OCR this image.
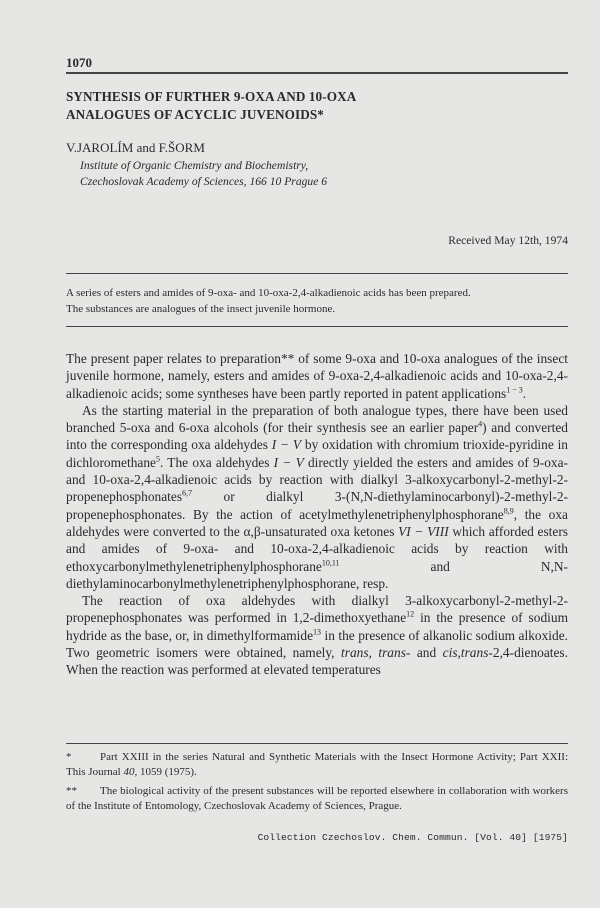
1070
SYNTHESIS OF FURTHER 9-OXA AND 10-OXA
ANALOGUES OF ACYCLIC JUVENOIDS*
V.JAROLÍM and F.ŠORM
Institute of Organic Chemistry and Biochemistry,
Czechoslovak Academy of Sciences, 166 10 Prague 6
Received May 12th, 1974
A series of esters and amides of 9-oxa- and 10-oxa-2,4-alkadienoic acids has been prepared.
The substances are analogues of the insect juvenile hormone.

The present paper relates to preparation** of some 9-oxa and 10-oxa analogues of the insect juvenile hormone, namely, esters and amides of 9-oxa-2,4-alkadienoic acids and 10-oxa-2,4-alkadienoic acids; some syntheses have been partly reported in patent applications$^{1 - 3}$.

As the starting material in the preparation of both analogue types, there have been used branched 5-oxa and 6-oxa alcohols (for their synthesis see an earlier paper$^4$) and converted into the corresponding oxa aldehydes I − V by oxidation with chromium trioxide-pyridine in dichloromethane$^5$. The oxa aldehydes I − V directly yielded the esters and amides of 9-oxa- and 10-oxa-2,4-alkadienoic acids by reaction with dialkyl 3-alkoxycarbonyl-2-methyl-2-propenephosphonates$^{6,7}$ or dialkyl 3-(N,N-diethylaminocarbonyl)-2-methyl-2-propenephosphonates. By the action of acetylmethylenetriphenylphosphorane$^{8,9}$, the oxa aldehydes were converted to the α,β-unsaturated oxa ketones VI − VIII which afforded esters and amides of 9-oxa- and 10-oxa-2,4-alkadienoic acids by reaction with ethoxycarbonylmethylenetriphenylphosphorane$^{10,11}$ and N,N-diethylaminocarbonylmethylenetriphenylphosphorane, resp.

The reaction of oxa aldehydes with dialkyl 3-alkoxycarbonyl-2-methyl-2-propenephosphonates was performed in 1,2-dimethoxyethane$^{12}$ in the presence of sodium hydride as the base, or, in dimethylformamide$^{13}$ in the presence of alkanolic sodium alkoxide. Two geometric isomers were obtained, namely, trans, trans- and cis,trans-2,4-dienoates. When the reaction was performed at elevated temperatures

*	Part XXIII in the series Natural and Synthetic Materials with the Insect Hormone Activity; Part XXII: This Journal 40, 1059 (1975).
** The biological activity of the present substances will be reported elsewhere in collaboration with workers of the Institute of Entomology, Czechoslovak Academy of Sciences, Prague.
Collection Czechoslov. Chem. Commun. [Vol. 40] [1975]
